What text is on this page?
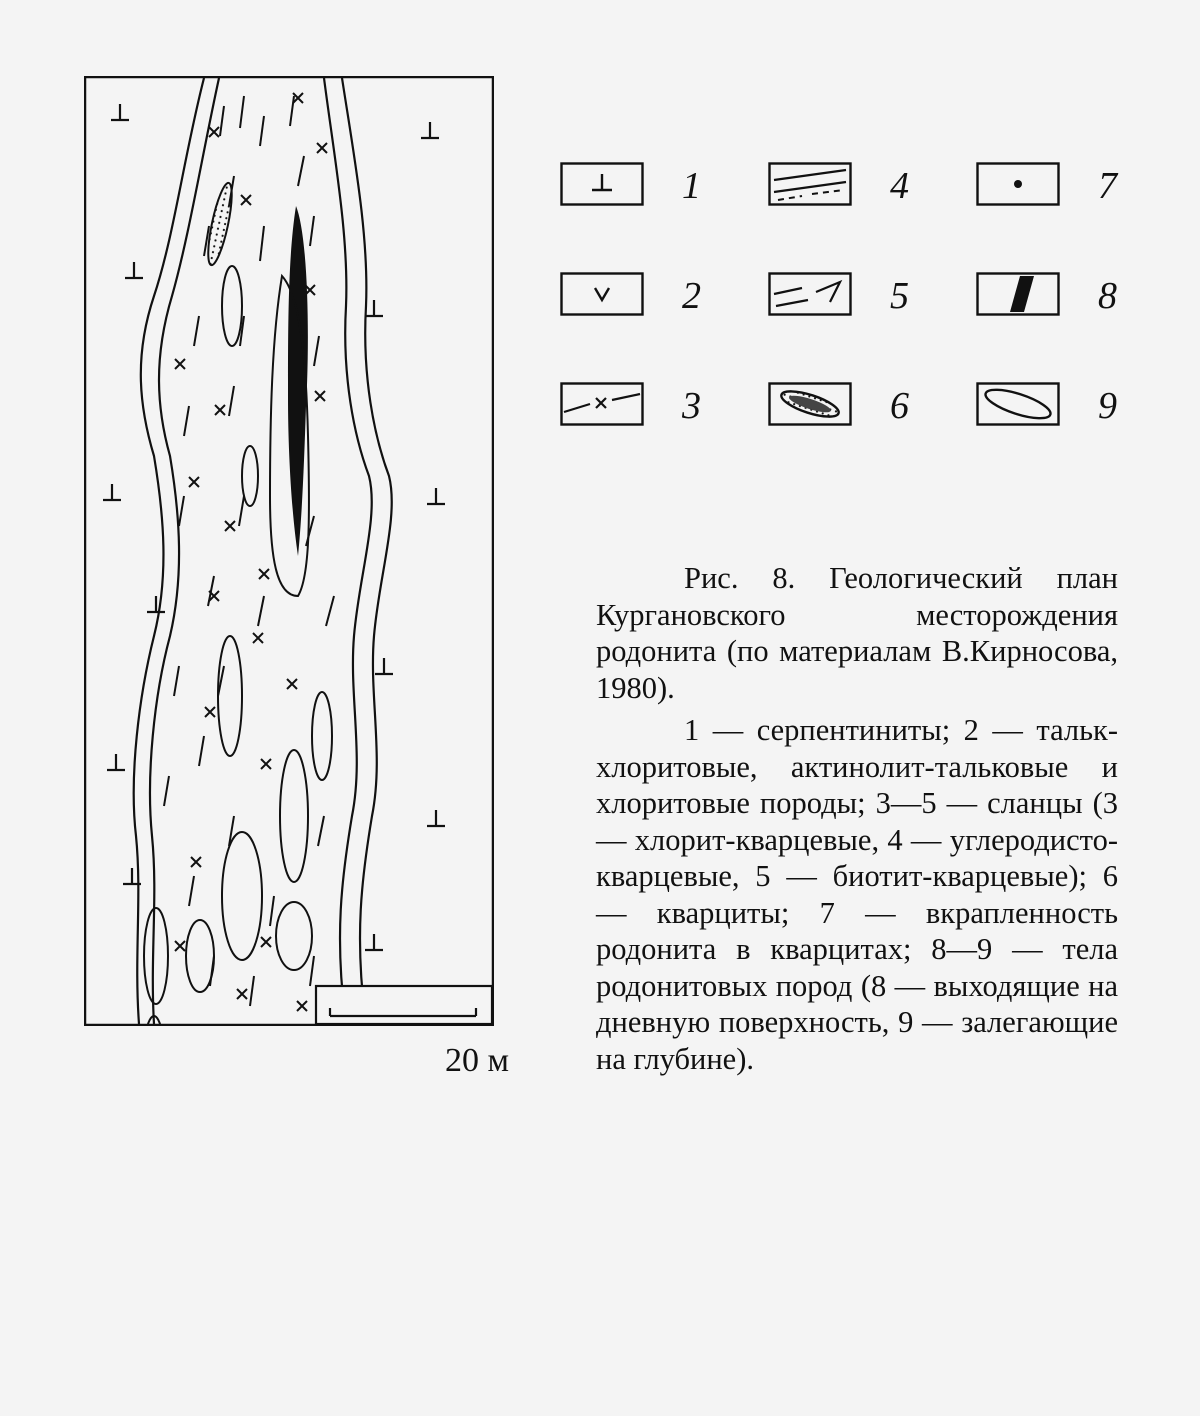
20 м
1	4	7
2	5	8
3	6	9

Рис. 8. Геологический план Кургановского месторождения родонита (по материалам В.Кирносова, 1980).

1 — серпентиниты; 2 — тальк-хлоритовые, актинолит-тальковые и хлоритовые породы; 3—5 — сланцы (3 — хлорит-кварцевые, 4 — углеродисто-кварцевые, 5 — биотит-кварцевые); 6 — кварциты; 7 — вкрапленность родонита в кварцитах; 8—9 — тела родонитовых пород (8 — выходящие на дневную поверхность, 9 — залегающие на глубине).
